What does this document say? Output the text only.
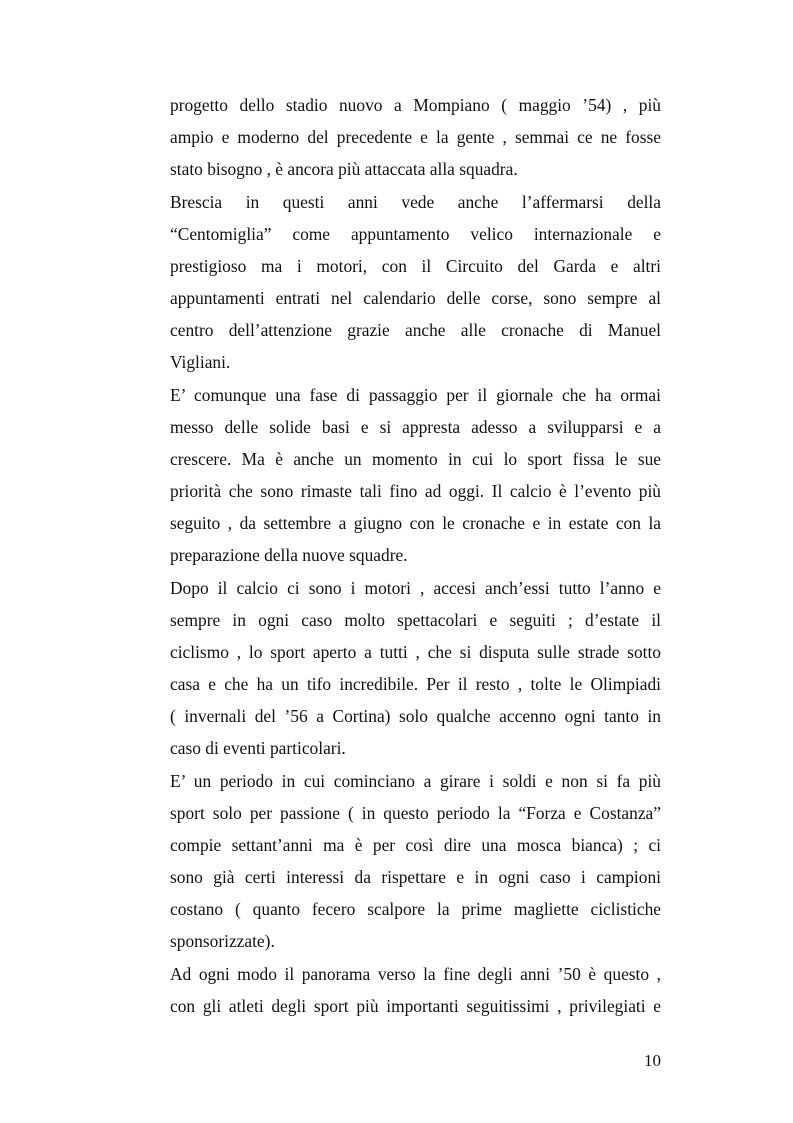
progetto dello stadio nuovo a Mompiano ( maggio ’54) , più
ampio e moderno del precedente e la gente , semmai ce ne fosse
stato bisogno , è ancora più attaccata alla squadra.
Brescia in questi anni vede anche l’affermarsi della
“Centomiglia” come appuntamento velico internazionale e
prestigioso ma i motori, con il Circuito del Garda e altri
appuntamenti entrati nel calendario delle corse, sono sempre al
centro dell’attenzione grazie anche alle cronache di Manuel
Vigliani.
E’ comunque una fase di passaggio per il giornale che ha ormai
messo delle solide basi e si appresta adesso a svilupparsi e a
crescere. Ma è anche un momento in cui lo sport fissa le sue
priorità che sono rimaste tali fino ad oggi. Il calcio è l’evento più
seguito , da settembre a giugno con le cronache e in estate con la
preparazione della nuove squadre.
Dopo il calcio ci sono i motori , accesi anch’essi tutto l’anno e
sempre in ogni caso molto spettacolari e seguiti ; d’estate il
ciclismo , lo sport aperto a tutti , che si disputa sulle strade sotto
casa e che ha un tifo incredibile. Per il resto , tolte le Olimpiadi
( invernali del ’56 a Cortina) solo qualche accenno ogni tanto in
caso di eventi particolari.
E’ un periodo in cui cominciano a girare i soldi e non si fa più
sport solo per passione ( in questo periodo la “Forza e Costanza”
compie settant’anni ma è per così dire una mosca bianca) ; ci
sono già certi interessi da rispettare e in ogni caso i campioni
costano ( quanto fecero scalpore la prime magliette ciclistiche
sponsorizzate).
Ad ogni modo il panorama verso la fine degli anni ’50 è questo ,
con gli atleti degli sport più importanti seguitissimi , privilegiati e
10
